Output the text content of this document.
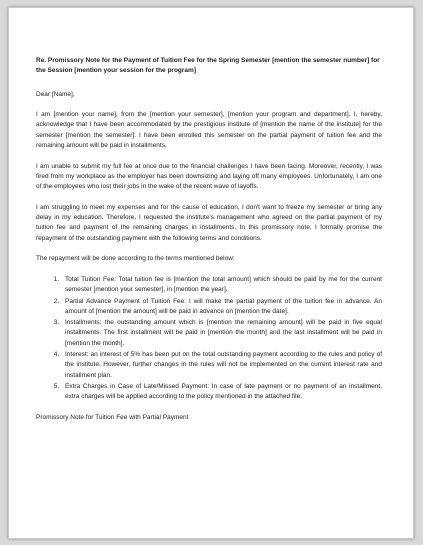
Re. Promissory Note for the Payment of Tuition Fee for the Spring Semester [mention the semester number] for the Session [mention your session for the program]

Dear [Name],

I am [mention your name], from the [mention your semester], [mention your program and department]. I, hereby, acknowledge that I have been accommodated by the prestigious institute of [mention the name of the institute] for the semester [mention the semester]. I have been enrolled this semester on the partial payment of tuition fee and the remaining amount will be paid in installments.

I am unable to submit my full fee at once due to the financial challenges I have been facing. Moreover, recently, I was fired from my workplace as the employer has been downsizing and laying off many employees. Unfortunately, I am one of the employees who lost their jobs in the wake of the recent wave of layoffs.

I am struggling to meet my expenses and for the cause of education, I don't want to freeze my semester or bring any delay in my education. Therefore, I requested the institute's management who agreed on the partial payment of my tuition fee and payment of the remaining charges in installments. In this promissory note, I formally promise the repayment of the outstanding payment with the following terms and conditions.

The repayment will be done according to the terms mentioned below:

1. Total Tuition Fee: Total tuition fee is [mention the total amount] which should be paid by me for the current semester [mention your semester], in [mention the year].
2. Partial Advance Payment of Tuition Fee: I will make the partial payment of the tuition fee in advance. An amount of [mention the amount] will be paid in advance on [mention the date].
3. Installments: the outstanding amount which is [mention the remaining amount] will be paid in five equal installments. The first installment will be paid in [mention the month] and the last installment will be paid in [mention the month].
4. Interest: an interest of 5% has been put on the total outstanding payment according to the rules and policy of the institute. However, further changes in the rules will not be implemented on the current interest rate and installment plan.
5. Extra Charges in Case of Late/Missed Payment: In case of late payment or no payment of an installment, extra charges will be applied according to the policy mentioned in the attached file.

Promissory Note for Tuition Fee with Partial Payment
